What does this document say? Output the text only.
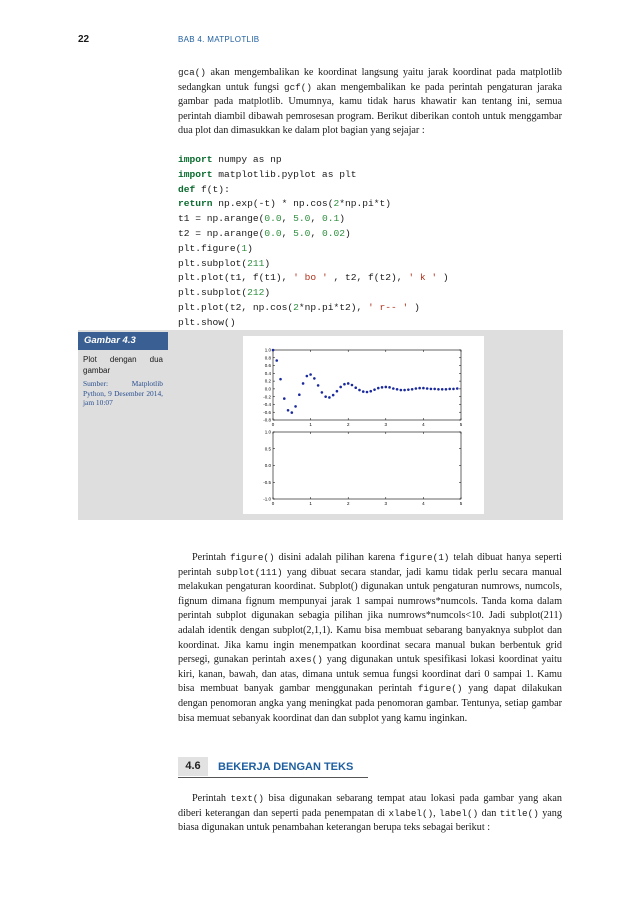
22	BAB 4. MATPLOTLIB
gca() akan mengembalikan ke koordinat langsung yaitu jarak koordinat pada matplotlib sedangkan untuk fungsi gcf() akan mengembalikan ke pada perintah pengaturan jaraka gambar pada matplotlib. Umumnya, kamu tidak harus khawatir kan tentang ini, semua perintah diambil dibawah pemrosesan program. Berikut diberikan contoh untuk menggambar dua plot dan dimasukkan ke dalam plot bagian yang sejajar :
import numpy as np
import matplotlib.pyplot as plt
def f(t):
return np.exp(-t) * np.cos(2*np.pi*t)
t1 = np.arange(0.0, 5.0, 0.1)
t2 = np.arange(0.0, 5.0, 0.02)
plt.figure(1)
plt.subplot(211)
plt.plot(t1, f(t1), ' bo ' , t2, f(t2), ' k ' )
plt.subplot(212)
plt.plot(t2, np.cos(2*np.pi*t2), ' r-- ' )
plt.show()
Gambar 4.3
Plot dengan dua gambar
Sumber: Matplotlib Python, 9 Desember 2014, jam 10:07
0	1	2	3	4	5
1.0
0.8
0.6
0.4
0.2
0.0
-0.2
-0.4
-0.6
-0.8
0	1	2	3	4	5
1.0
0.5
0.0
-0.5
-1.0
Perintah figure() disini adalah pilihan karena figure(1) telah dibuat hanya seperti perintah subplot(111) yang dibuat secara standar, jadi kamu tidak perlu secara manual melakukan pengaturan koordinat. Subplot() digunakan untuk pengaturan numrows, numcols, fignum dimana fignum mempunyai jarak 1 sampai numrows*numcols. Tanda koma dalam perintah subplot digunakan sebagia pilihan jika numrows*numcols<10. Jadi subplot(211) adalah identik dengan subplot(2,1,1). Kamu bisa membuat sebarang banyaknya subplot dan koordinat. Jika kamu ingin menempatkan koordinat secara manual bukan berbentuk grid persegi, gunakan perintah axes() yang digunakan untuk spesifikasi lokasi koordinat yaitu kiri, kanan, bawah, dan atas, dimana untuk semua fungsi koordinat dari 0 sampai 1. Kamu bisa membuat banyak gambar menggunakan perintah figure() yang dapat dilakukan dengan penomoran angka yang meningkat pada penomoran gambar. Tentunya, setiap gambar bisa memuat sebanyak koordinat dan dan subplot yang kamu inginkan.
4.6	BEKERJA DENGAN TEKS
Perintah text() bisa digunakan sebarang tempat atau lokasi pada gambar yang akan diberi keterangan dan seperti pada penempatan di xlabel(), label() dan title() yang biasa digunakan untuk penambahan keterangan berupa teks sebagai berikut :
